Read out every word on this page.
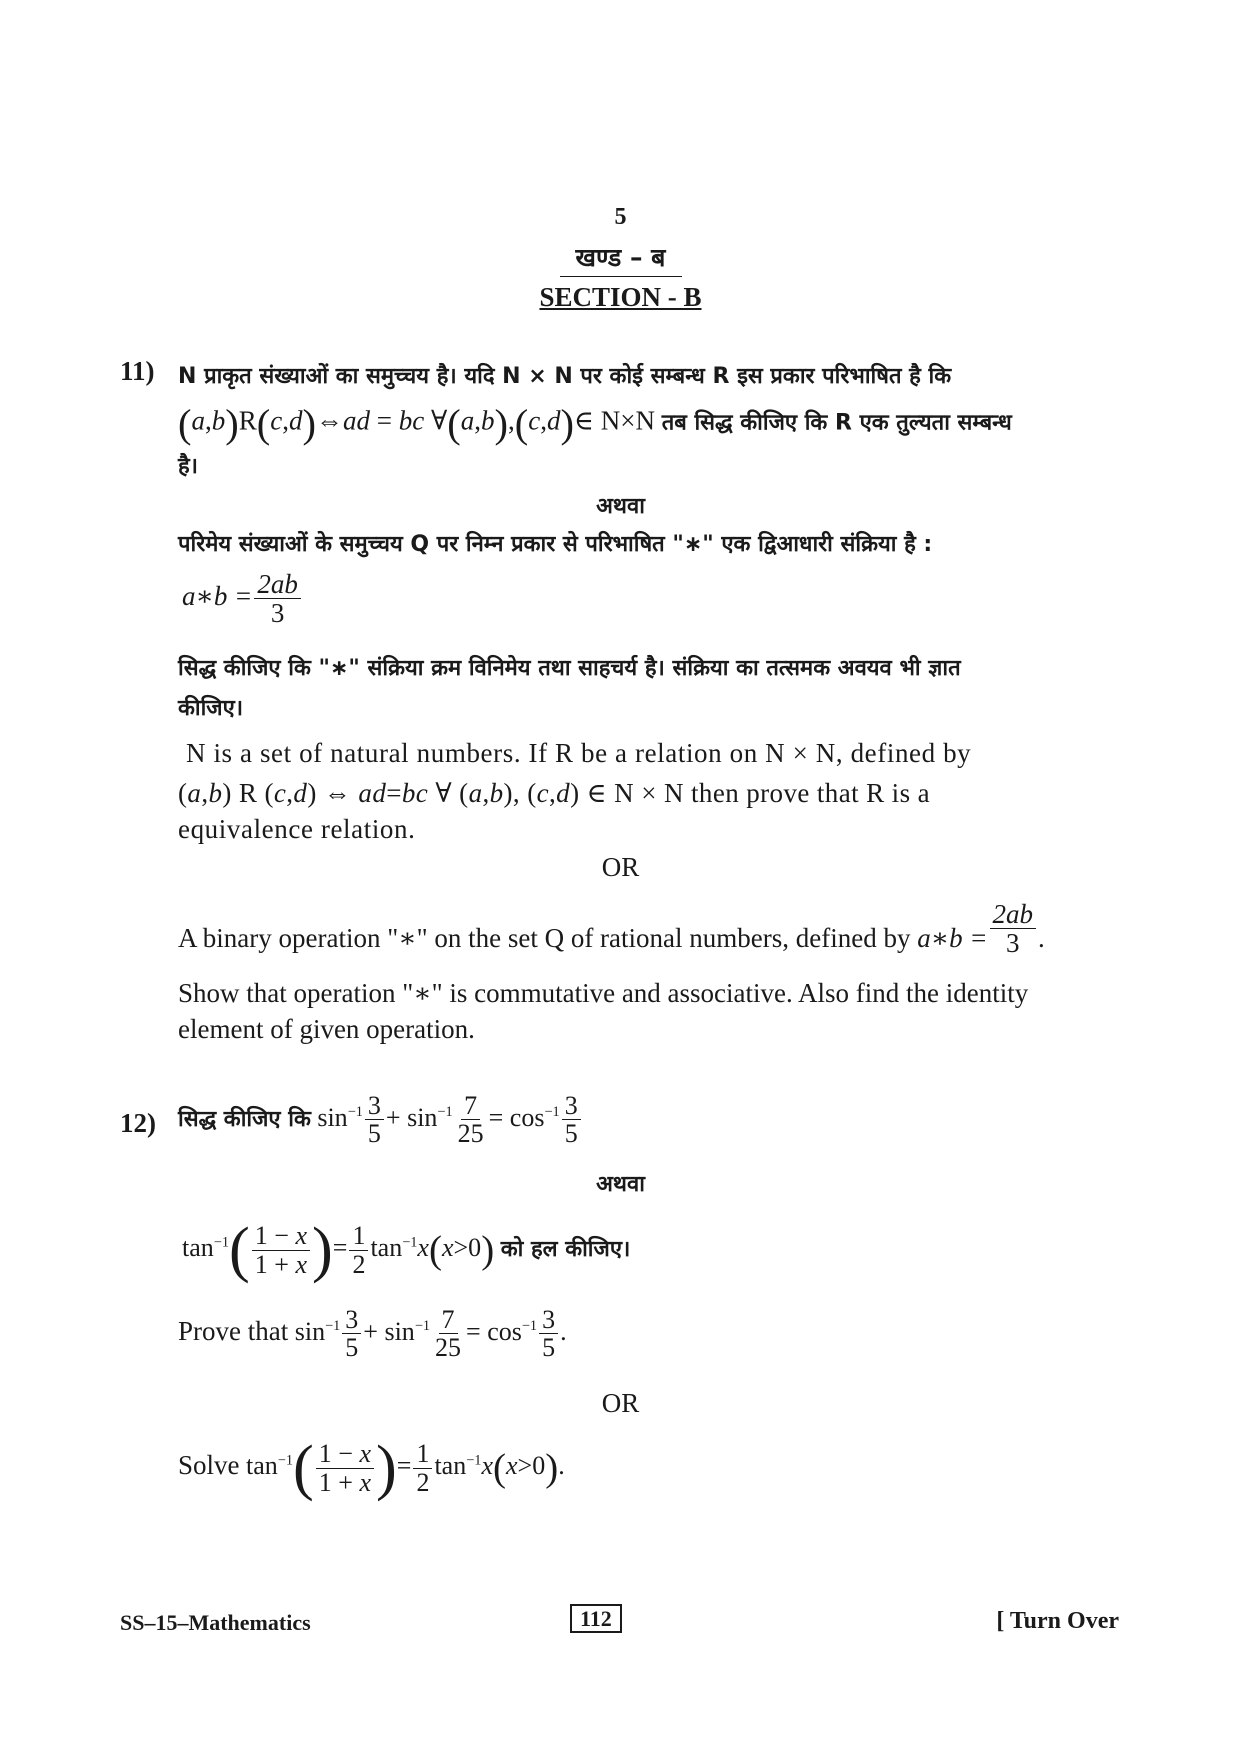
5
खण्ड – ब
SECTION - B
11) N प्राकृत संख्याओं का समुच्चय है। यदि N × N पर कोई सम्बन्ध R इस प्रकार परिभाषित है कि
(a,b)R(c,d)⇔ad = bc ∀(a,b),(c,d)∈ N×N तब सिद्ध कीजिए कि R एक तुल्यता सम्बन्ध
है।
अथवा
परिमेय संख्याओं के समुच्चय Q पर निम्न प्रकार से परिभाषित "∗" एक द्विआधारी संक्रिया है :
a∗b = $\frac{2ab}{3}$
सिद्ध कीजिए कि "∗" संक्रिया क्रम विनिमेय तथा साहचर्य है। संक्रिया का तत्समक अवयव भी ज्ञात
कीजिए।
N is a set of natural numbers. If R be a relation on N × N, defined by
(a,b) R (c,d) ⇔ ad=bc ∀ (a,b), (c,d) ∈ N × N then prove that R is a
equivalence relation.
OR
A binary operation "∗" on the set Q of rational numbers, defined by a∗b = $\frac{2ab}{3}$ .
Show that operation "∗" is commutative and associative. Also find the identity
element of given operation.
12) सिद्ध कीजिए कि $\sin^{-1} \frac{3}{5} + \sin^{-1} \frac{7}{25} = \cos^{-1} \frac{3}{5}$
अथवा
$\tan^{-1}( \frac{1 - x}{1 + x}$ )= $\frac{1}{2} \tan^{-1}x(x>0)$ को हल कीजिए।
Prove that $\sin^{-1} \frac{3}{5} + \sin^{-1} \frac{7}{25} = \cos^{-1} \frac{3}{5}$ .
OR
Solve $\tan^{-1}( \frac{1 - x}{1 + x}$ )= $\frac{1}{2} \tan^{-1}x(x>0)$.
SS–15–Mathematics	112	[ Turn Over
